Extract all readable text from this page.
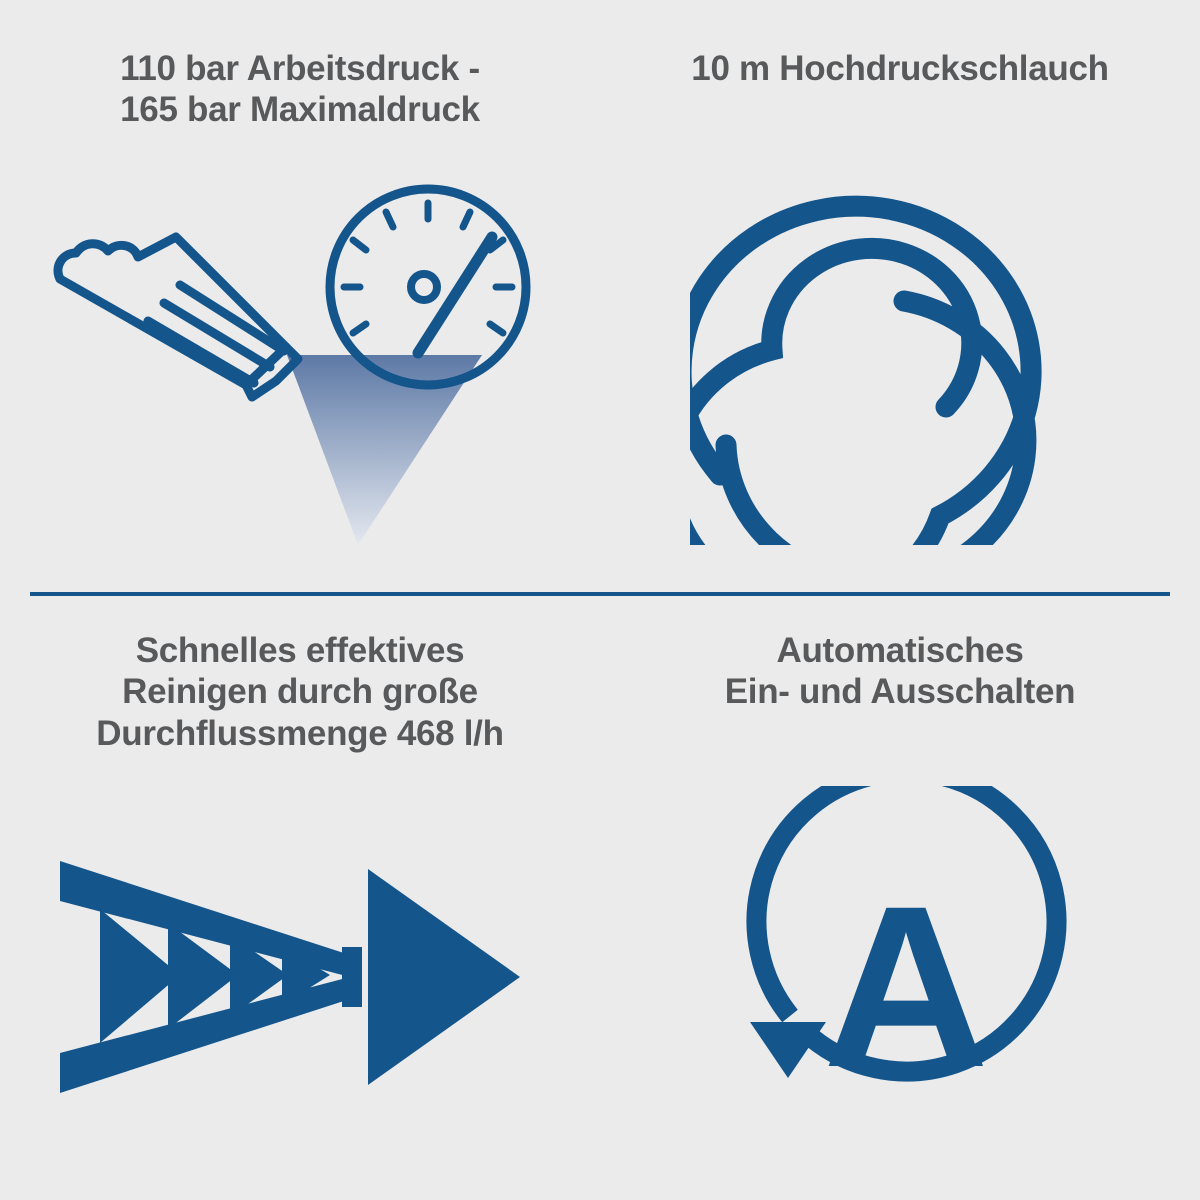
110 bar Arbeitsdruck -
165 bar Maximaldruck
10 m Hochdruckschlauch
Schnelles effektives
Reinigen durch große
Durchflussmenge 468 l/h
Automatisches
Ein- und Ausschalten
A
